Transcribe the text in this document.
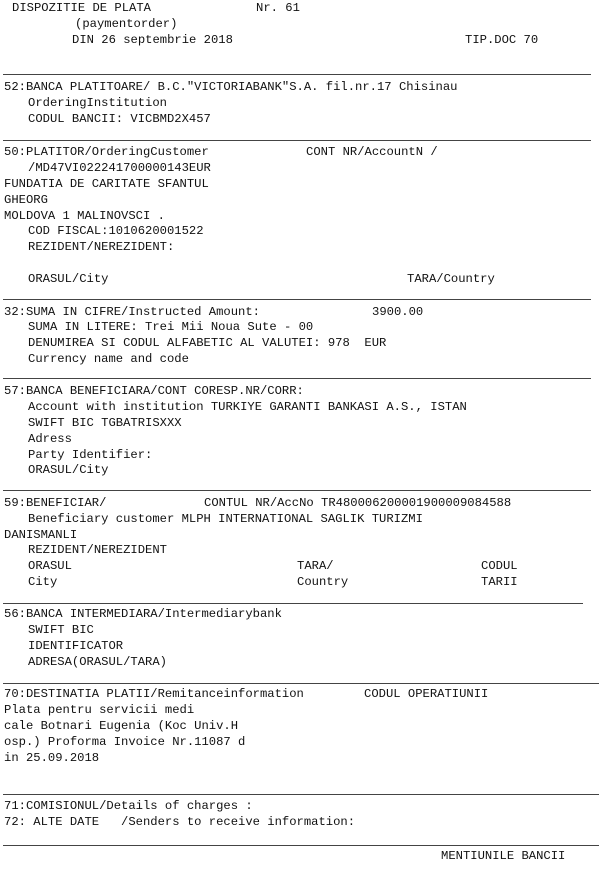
DISPOZITIE DE PLATA	Nr. 61
(paymentorder)
DIN 26 septembrie 2018	TIP.DOC 70
52:BANCA PLATITOARE/ B.C."VICTORIABANK"S.A. fil.nr.17 Chisinau
OrderingInstitution
CODUL BANCII: VICBMD2X457
50:PLATITOR/OrderingCustomer	CONT NR/AccountN /
/MD47VI022241700000143EUR
FUNDATIA DE CARITATE SFANTUL
GHEORG
MOLDOVA 1 MALINOVSCI .
COD FISCAL:1010620001522
REZIDENT/NEREZIDENT:
ORASUL/City	TARA/Country
32:SUMA IN CIFRE/Instructed Amount:	3900.00
SUMA IN LITERE: Trei Mii Noua Sute - 00
DENUMIREA SI CODUL ALFABETIC AL VALUTEI: 978  EUR
Currency name and code
57:BANCA BENEFICIARA/CONT CORESP.NR/CORR:
Account with institution TURKIYE GARANTI BANKASI A.S., ISTAN
SWIFT BIC TGBATRISXXX
Adress
Party Identifier:
ORASUL/City
59:BENEFICIAR/	CONTUL NR/AccNo TR480006200001900009084588
Beneficiary customer MLPH INTERNATIONAL SAGLIK TURIZMI
DANISMANLI
REZIDENT/NEREZIDENT
ORASUL	TARA/	CODUL
City	Country	TARII
56:BANCA INTERMEDIARA/Intermediarybank
SWIFT BIC
IDENTIFICATOR
ADRESA(ORASUL/TARA)
70:DESTINATIA PLATII/Remitanceinformation	CODUL OPERATIUNII
Plata pentru servicii medi
cale Botnari Eugenia (Koc Univ.H
osp.) Proforma Invoice Nr.11087 d
in 25.09.2018
71:COMISIONUL/Details of charges :
72: ALTE DATE   /Senders to receive information:
MENTIUNILE BANCII
